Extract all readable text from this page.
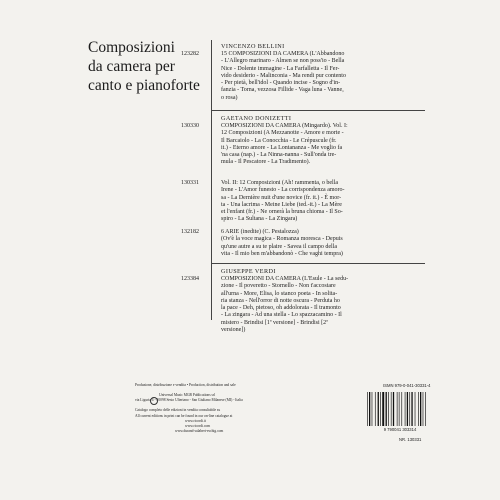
Composizioni
da camera per
canto e pianoforte
VINCENZO BELLINI
123282	15 COMPOSIZIONI DA CAMERA (L'Abbandono
- L'Allegro marinaro - Almen se non poss'io - Bella
Nice - Dolente immagine - La Farfalletta - Il Fer-
vido desiderio - Malinconia - Ma rendi pur contento
- Per pietà, bell'idol - Quando incise - Sogno d'in-
fanzia - Torna, vezzosa Fillide - Vaga luna - Vanne,
o rosa)
GAETANO DONIZETTI
130330	COMPOSIZIONI DA CAMERA (Mingardo). Vol. I:
12 Composizioni (A Mezzanotte - Amore e morte -
Il Barcaiolo - La Conocchia - Le Crépuscule (fr.
it.) - Eterno amore - La Lontananza - Me voglio fa
'na casa (nap.) - La Ninna-nanna - Sull'onda tre-
mula - Il Pescatore - La Tradimento).
130331	Vol. II: 12 Composizioni (Ah! rammenta, o bella
Irene - L'Amor funesto - La corrispondenza amoro-
sa - La Dernière nuit d'une novice (fr. it.) - È mor-
ta - Una lacrima - Meine Liebe (ted.-it.) - La Mère
et l'enfant (fr.) - Ne ornerà la bruna chioma - Il So-
spiro - La Sultana - La Zingara)
132182	6 ARIE (inedite) (C. Pestalozza)
(Ov'è la voce magica - Romanza moresca - Depuis
qu'une autre a su te plaire - Savea il campo della
vita - Il mio ben m'abbandonò - Che vaghi tempra)
GIUSEPPE VERDI
123384	COMPOSIZIONI DA CAMERA (L'Esule - La sedu-
zione - Il poveretto - Stornello - Non t'accostare
all'urna - More, Elisa, lo stanco poeta - In solita-
ria stanza - Nell'orror di notte oscura - Perduta ho
la pace - Deh, pietoso, oh addolorata - Il tramonto
- La zingara - Ad una stella - Lo spazzacamino - Il
mistero - Brindisi [1ª versione] - Brindisi [2ª
versione])
Produzione, distribuzione e vendita • Production, distribution and sale

Universal Music MGB Publications srl
via Liguria 4 - 20098 Sesto Ulteriano - San Giuliano Milanese (MI) - Italia

Catalogo completo delle edizioni in vendita consultabile su
All current editions in print can be found in our on-line catalogue at
www.ricordi.it
www.ricordi.com
www.durand-salabert-eschig.com
ISMN 979-0-041-30331-4
9 790041 303314
NR. 130331
